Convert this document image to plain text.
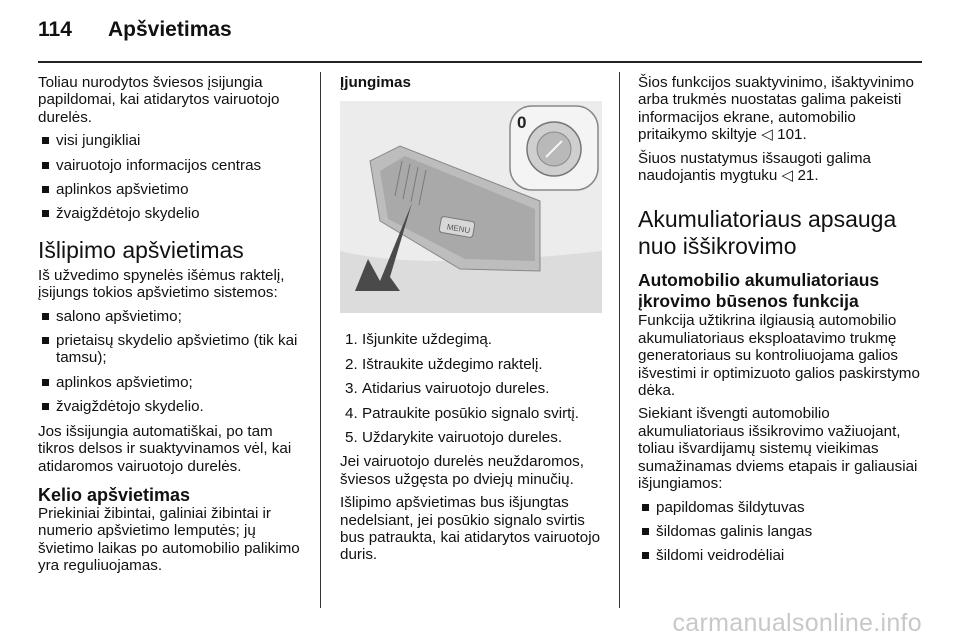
114 Apšvietimas

Toliau nurodytos šviesos įsijungia papildomai, kai atidarytos vairuotojo durelės.

visi jungikliai
vairuotojo informacijos centras
aplinkos apšvietimo
žvaigždėtojo skydelio
Išlipimo apšvietimas

Iš užvedimo spynelės išėmus raktelį, įsijungs tokios apšvietimo sistemos:

salono apšvietimo;
prietaisų skydelio apšvietimo (tik kai tamsu);
aplinkos apšvietimo;
žvaigždėtojo skydelio.

Jos išsijungia automatiškai, po tam tikros delsos ir suaktyvinamos vėl, kai atidaromos vairuotojo durelės.

Kelio apšvietimas

Priekiniai žibintai, galiniai žibintai ir numerio apšvietimo lemputės; jų švietimo laikas po automobilio palikimo yra reguliuojamas.

Įjungimas
MENU
0
1. Išjunkite uždegimą.
2. Ištraukite uždegimo raktelį.
3. Atidarius vairuotojo dureles.
4. Patraukite posūkio signalo svirtį.
5. Uždarykite vairuotojo dureles.

Jei vairuotojo durelės neuždaromos, šviesos užgęsta po dviejų minučių.

Išlipimo apšvietimas bus išjungtas nedelsiant, jei posūkio signalo svirtis bus patraukta, kai atidarytos vairuotojo duris.

Šios funkcijos suaktyvinimo, išaktyvinimo arba trukmės nuostatas galima pakeisti informacijos ekrane, automobilio pritaikymo skiltyje ◁ 101.

Šiuos nustatymus išsaugoti galima naudojantis mygtuku ◁ 21.

Akumuliatoriaus apsauga nuo iššikrovimo
Automobilio akumuliatoriaus įkrovimo būsenos funkcija

Funkcija užtikrina ilgiausią automobilio akumuliatoriaus eksploatavimo trukmę generatoriaus su kontroliuojama galios išvestimi ir optimizuoto galios paskirstymo dėka.

Siekiant išvengti automobilio akumuliatoriaus išsikrovimo važiuojant, toliau išvardijamų sistemų vieikimas sumažinamas dviems etapais ir galiausiai išjungiamos:

papildomas šildytuvas
šildomas galinis langas
šildomi veidrodėliai
carmanualsonline.info
